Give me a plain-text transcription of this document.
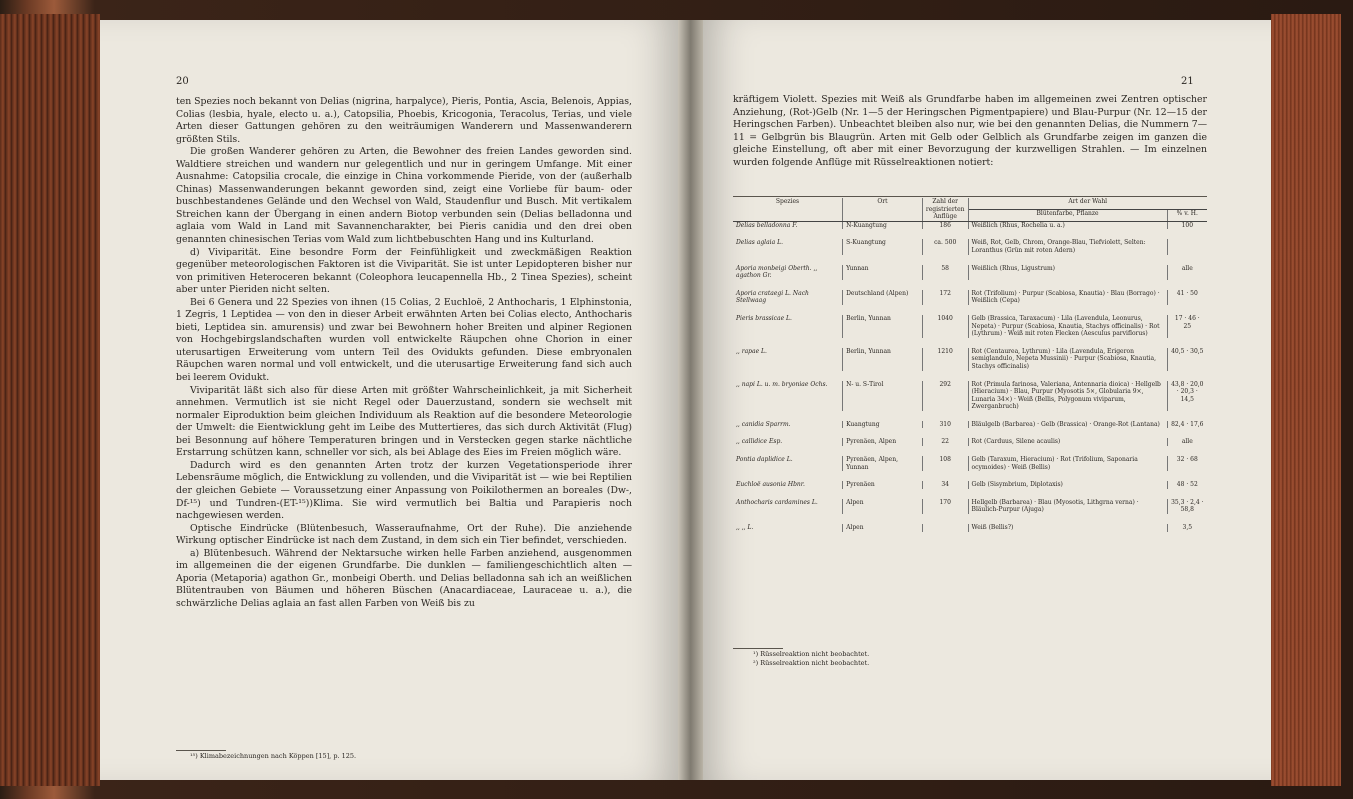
20

ten Spezies noch bekannt von Delias (nigrina, harpalyce), Pieris, Pontia, Ascia, Belenois, Appias, Colias (lesbia, hyale, electo u. a.), Catopsilia, Phoebis, Kricogonia, Teracolus, Terias, und viele Arten dieser Gattungen gehören zu den weiträumigen Wanderern und Massenwanderern größten Stils.

Die großen Wanderer gehören zu Arten, die Bewohner des freien Landes geworden sind. Waldtiere streichen und wandern nur gelegentlich und nur in geringem Umfange. Mit einer Ausnahme: Catopsilia crocale, die einzige in China vorkommende Pieride, von der (außerhalb Chinas) Massenwanderungen bekannt geworden sind, zeigt eine Vorliebe für baum- oder buschbestandenes Gelände und den Wechsel von Wald, Staudenflur und Busch. Mit vertikalem Streichen kann der Übergang in einen andern Biotop verbunden sein (Delias belladonna und aglaia vom Wald in Land mit Savannencharakter, bei Pieris canidia und den drei oben genannten chinesischen Terias vom Wald zum lichtbebuschten Hang und ins Kulturland.

d) Viviparität. Eine besondre Form der Feinfühligkeit und zweckmäßigen Reaktion gegenüber meteorologischen Faktoren ist die Viviparität. Sie ist unter Lepidopteren bisher nur von primitiven Heteroceren bekannt (Coleophora leucapennella Hb., 2 Tinea Spezies), scheint aber unter Pieriden nicht selten.

Bei 6 Genera und 22 Spezies von ihnen (15 Colias, 2 Euchloë, 2 Anthocharis, 1 Elphinstonia, 1 Zegris, 1 Leptidea — von den in dieser Arbeit erwähnten Arten bei Colias electo, Anthocharis bieti, Leptidea sin. amurensis) und zwar bei Bewohnern hoher Breiten und alpiner Regionen von Hochgebirgslandschaften wurden voll entwickelte Räupchen ohne Chorion in einer uterusartigen Erweiterung vom untern Teil des Ovidukts gefunden. Diese embryonalen Räupchen waren normal und voll entwickelt, und die uterusartige Erweiterung fand sich auch bei leerem Ovidukt.

Viviparität läßt sich also für diese Arten mit größter Wahrscheinlichkeit, ja mit Sicherheit annehmen. Vermutlich ist sie nicht Regel oder Dauerzustand, sondern sie wechselt mit normaler Eiproduktion beim gleichen Individuum als Reaktion auf die besondere Meteorologie der Umwelt: die Eientwicklung geht im Leibe des Muttertieres, das sich durch Aktivität (Flug) bei Besonnung auf höhere Temperaturen bringen und in Verstecken gegen starke nächtliche Erstarrung schützen kann, schneller vor sich, als bei Ablage des Eies im Freien möglich wäre.

Dadurch wird es den genannten Arten trotz der kurzen Vegetationsperiode ihrer Lebensräume möglich, die Entwicklung zu vollenden, und die Viviparität ist — wie bei Reptilien der gleichen Gebiete — Voraussetzung einer Anpassung von Poikilothermen an boreales (Dw-, Df-¹⁵) und Tundren-(ET-¹⁵))Klima. Sie wird vermutlich bei Baltia und Parapieris noch nachgewiesen werden.

Optische Eindrücke (Blütenbesuch, Wasseraufnahme, Ort der Ruhe). Die anziehende Wirkung optischer Eindrücke ist nach dem Zustand, in dem sich ein Tier befindet, verschieden.

a) Blütenbesuch. Während der Nektarsuche wirken helle Farben anziehend, ausgenommen im allgemeinen die der eigenen Grundfarbe. Die dunklen — familiengeschichtlich alten — Aporia (Metaporia) agathon Gr., monbeigi Oberth. und Delias belladonna sah ich an weißlichen Blütentrauben von Bäumen und höheren Büschen (Anacardiaceae, Lauraceae u. a.), die schwärzliche Delias aglaia an fast allen Farben von Weiß bis zu

¹⁵) Klimabezeichnungen nach Köppen [15], p. 125.
21

kräftigem Violett. Spezies mit Weiß als Grundfarbe haben im allgemeinen zwei Zentren optischer Anziehung, (Rot-)Gelb (Nr. 1—5 der Heringschen Pigmentpapiere) und Blau-Purpur (Nr. 12—15 der Heringschen Farben). Unbeachtet bleiben also nur, wie bei den genannten Delias, die Nummern 7—11 = Gelbgrün bis Blaugrün. Arten mit Gelb oder Gelblich als Grundfarbe zeigen im ganzen die gleiche Einstellung, oft aber mit einer Bevorzugung der kurzwelligen Strahlen. — Im einzelnen wurden folgende Anflüge mit Rüsselreaktionen notiert:

Spezies	Ort	Zahl der registrierten Anflüge	Art der Wahl	
			Blütenfarbe, Pflanze	% v. H.
Delias belladonna F.	N-Kuangtung	186	Weißlich (Rhus, Rochelia u. a.)	100

Delias aglaia L.	S-Kuangtung	ca. 500	Weiß, Rot, Gelb, Chrom, Orange-Blau, Tiefviolett, Selten: Loranthus (Grün mit roten Adern)	

Aporia monbeigi Oberth. ,, agathon Gr.	Yunnan	58	Weißlich (Rhus, Ligustrum)	alle

Aporia crataegi L. Nach Stellwaag	Deutschland (Alpen)	172	Rot (Trifolium) · Purpur (Scabiosa, Knautia) · Blau (Borrago) · Weißlich (Cepa)	41 · 50

Pieris brassicae L.	Berlin, Yunnan	1040	Gelb (Brassica, Taraxacum) · Lila (Lavendula, Leonurus, Nepeta) · Purpur (Scabiosa, Knautia, Stachys officinalis) · Rot (Lythrum) · Weiß mit roten Flecken (Aesculus parviflorus)	17 · 46 · 25

,, rapae L.	Berlin, Yunnan	1210	Rot (Centaurea, Lythrum) · Lila (Lavendula, Erigeron semiglandulo, Nepeta Mussinii) · Purpur (Scabiosa, Knautia, Stachys officinalis)	40,5 · 30,5

,, napi L. u. m. bryoniae Ochs.	N- u. S-Tirol	292	Rot (Primula farinosa, Valeriana, Antennaria dioica) · Hellgelb (Hieracium) · Blau, Purpur (Myosotis 5×, Globularia 9×, Lunaria 34×) · Weiß (Bellis, Polygonum viviparum, Zwerganbruch)	43,8 · 20,0 · 20,3 · 14,5

,, canidia Sparrm.	Kuangtung	310	Bläulgelb (Barbarea) · Gelb (Brassica) · Orange-Rot (Lantana)	82,4 · 17,6

,, callidice Esp.	Pyrenäen, Alpen	22	Rot (Carduus, Silene acaulis)	alle

Pontia daplidice L.	Pyrenäen, Alpen, Yunnan	108	Gelb (Taraxum, Hieracium) · Rot (Trifolium, Saponaria ocymoides) · Weiß (Bellis)	32 · 68

Euchloë ausonia Hbnr.	Pyrenäen	34	Gelb (Sisymbrium, Diplotaxis)	48 · 52

Anthocharis cardamines L.	Alpen	170	Hellgelb (Barbarea) · Blau (Myosotis, Lithgrna verna) · Bläulich-Purpur (Ajuga)	35,3 · 2,4 · 58,8

,, ,, L.	Alpen		Weiß (Bellis?)	3,5

¹) Rüsselreaktion nicht beobachtet.
²) Rüsselreaktion nicht beobachtet.
